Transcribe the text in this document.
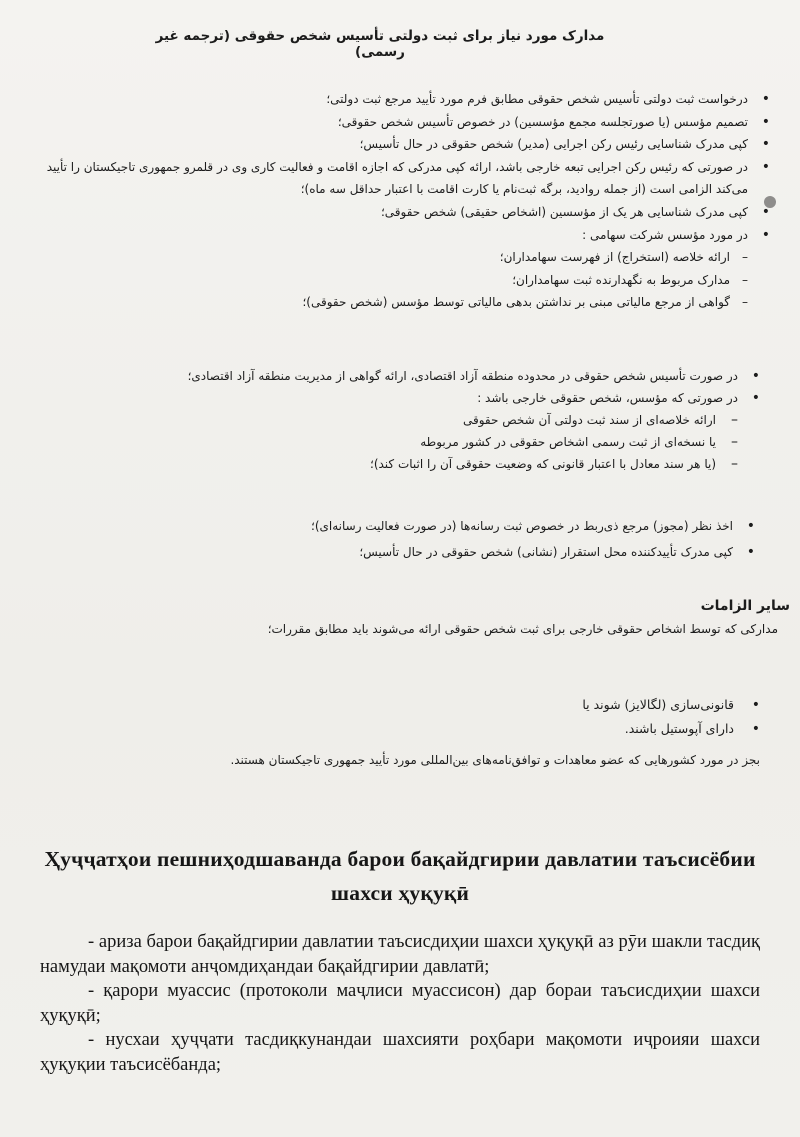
مدارک مورد نیاز برای ثبت دولتی تأسیس شخص حقوقی (ترجمه غیر رسمی)
• درخواست ثبت دولتی تأسیس شخص حقوقی مطابق فرم مورد تأیید مرجع ثبت دولتی؛
• تصمیم مؤسس (یا صورتجلسه مجمع مؤسسین) در خصوص تأسیس شخص حقوقی؛
• کپی مدرک شناسایی رئیس رکن اجرایی (مدیر) شخص حقوقی در حال تأسیس؛
• در صورتی که رئیس رکن اجرایی تبعه خارجی باشد، ارائه کپی مدرکی که اجازه اقامت و فعالیت کاری وی در قلمرو جمهوری تاجیکستان را تأیید می‌کند الزامی است (از جمله روادید، برگه ثبت‌نام یا کارت اقامت با اعتبار حداقل سه ماه)؛
• کپی مدرک شناسایی هر یک از مؤسسین (اشخاص حقیقی) شخص حقوقی؛
• در مورد مؤسس شرکت سهامی :
– ارائه خلاصه (استخراج) از فهرست سهامداران؛
– مدارک مربوط به نگهدارنده ثبت سهامداران؛
– گواهی از مرجع مالیاتی مبنی بر نداشتن بدهی مالیاتی توسط مؤسس (شخص حقوقی)؛
• در صورت تأسیس شخص حقوقی در محدوده منطقه آزاد اقتصادی، ارائه گواهی از مدیریت منطقه آزاد اقتصادی؛
• در صورتی که مؤسس، شخص حقوقی خارجی باشد :
– ارائه خلاصه‌ای از سند ثبت دولتی آن شخص حقوقی
– یا نسخه‌ای از ثبت رسمی اشخاص حقوقی در کشور مربوطه
– (یا هر سند معادل با اعتبار قانونی که وضعیت حقوقی آن را اثبات کند)؛
• اخذ نظر (مجوز) مرجع ذی‌ربط در خصوص ثبت رسانه‌ها (در صورت فعالیت رسانه‌ای)؛
• کپی مدرک تأییدکننده محل استقرار (نشانی) شخص حقوقی در حال تأسیس؛
سایر الزامات
مدارکی که توسط اشخاص حقوقی خارجی برای ثبت شخص حقوقی ارائه می‌شوند باید مطابق مقررات؛
• قانونی‌سازی (لگالایز) شوند یا
• دارای آپوستیل باشند.
بجز در مورد کشورهایی که عضو معاهدات و توافق‌نامه‌های بین‌المللی مورد تأیید جمهوری تاجیکستان هستند.
Ҳуҷҷатҳои пешниҳодшаванда барои бақайдгирии давлатии таъсисёбии шахси ҳуқуқӣ

- ариза барои бақайдгирии давлатии таъсисдиҳии шахси ҳуқуқӣ аз рӯи шакли тасдиқ намудаи мақомоти анҷомдиҳандаи бақайдгирии давлатӣ;

- қарори муассис (протоколи маҷлиси муассисон) дар бораи таъсисдиҳии шахси ҳуқуқӣ;

- нусхаи ҳуҷҷати тасдиқкунандаи шахсияти роҳбари мақомоти иҷроияи шахси ҳуқуқии таъсисёбанда;
